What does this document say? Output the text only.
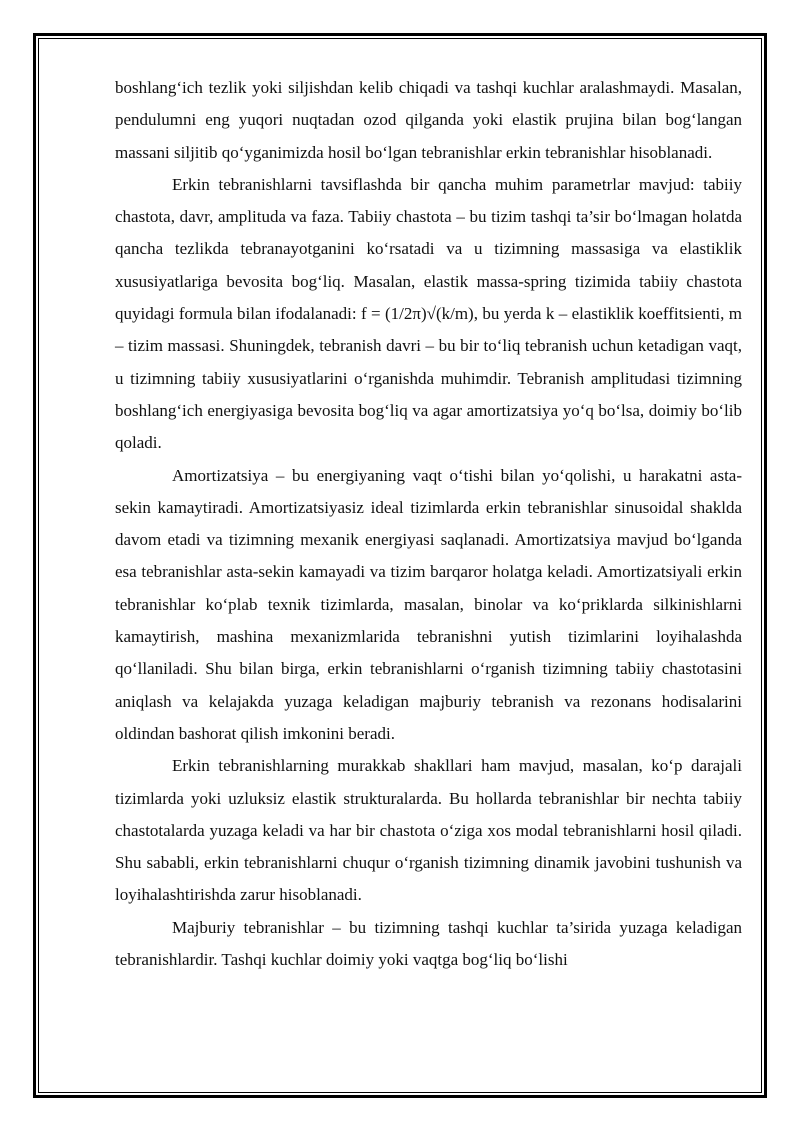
boshlang‘ich tezlik yoki siljishdan kelib chiqadi va tashqi kuchlar aralashmaydi. Masalan, pendulumni eng yuqori nuqtadan ozod qilganda yoki elastik prujina bilan bog‘langan massani siljitib qo‘yganimizda hosil bo‘lgan tebranishlar erkin tebranishlar hisoblanadi.

Erkin tebranishlarni tavsiflashda bir qancha muhim parametrlar mavjud: tabiiy chastota, davr, amplituda va faza. Tabiiy chastota – bu tizim tashqi ta’sir bo‘lmagan holatda qancha tezlikda tebranayotganini ko‘rsatadi va u tizimning massasiga va elastiklik xususiyatlariga bevosita bog‘liq. Masalan, elastik massa-spring tizimida tabiiy chastota quyidagi formula bilan ifodalanadi: f = (1/2π)√(k/m), bu yerda k – elastiklik koeffitsienti, m – tizim massasi. Shuningdek, tebranish davri – bu bir to‘liq tebranish uchun ketadigan vaqt, u tizimning tabiiy xususiyatlarini o‘rganishda muhimdir. Tebranish amplitudasi tizimning boshlang‘ich energiyasiga bevosita bog‘liq va agar amortizatsiya yo‘q bo‘lsa, doimiy bo‘lib qoladi.

Amortizatsiya – bu energiyaning vaqt o‘tishi bilan yo‘qolishi, u harakatni asta-sekin kamaytiradi. Amortizatsiyasiz ideal tizimlarda erkin tebranishlar sinusoidal shaklda davom etadi va tizimning mexanik energiyasi saqlanadi. Amortizatsiya mavjud bo‘lganda esa tebranishlar asta-sekin kamayadi va tizim barqaror holatga keladi. Amortizatsiyali erkin tebranishlar ko‘plab texnik tizimlarda, masalan, binolar va ko‘priklarda silkinishlarni kamaytirish, mashina mexanizmlarida tebranishni yutish tizimlarini loyihalashda qo‘llaniladi. Shu bilan birga, erkin tebranishlarni o‘rganish tizimning tabiiy chastotasini aniqlash va kelajakda yuzaga keladigan majburiy tebranish va rezonans hodisalarini oldindan bashorat qilish imkonini beradi.

Erkin tebranishlarning murakkab shakllari ham mavjud, masalan, ko‘p darajali tizimlarda yoki uzluksiz elastik strukturalarda. Bu hollarda tebranishlar bir nechta tabiiy chastotalarda yuzaga keladi va har bir chastota o‘ziga xos modal tebranishlarni hosil qiladi. Shu sababli, erkin tebranishlarni chuqur o‘rganish tizimning dinamik javobini tushunish va loyihalashtirishda zarur hisoblanadi.

Majburiy tebranishlar – bu tizimning tashqi kuchlar ta’sirida yuzaga keladigan tebranishlardir. Tashqi kuchlar doimiy yoki vaqtga bog‘liq bo‘lishi
